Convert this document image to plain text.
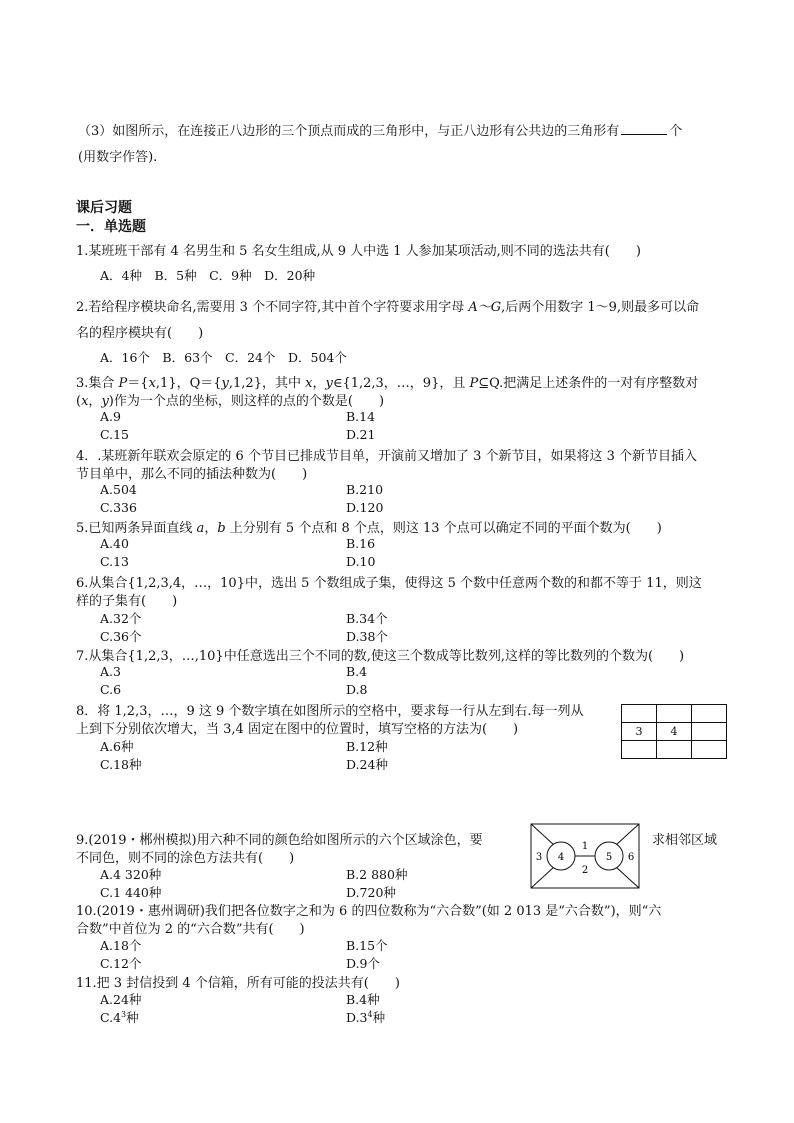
（3）如图所示，在连接正八边形的三个顶点而成的三角形中，与正八边形有公共边的三角形有	个
(用数字作答).
课后习题
一．单选题
1.某班班干部有 4 名男生和 5 名女生组成,从 9 人中选 1 人参加某项活动,则不同的选法共有(　　)
A．4种　B．5种　C．9种　D．20种
2.若给程序模块命名,需要用 3 个不同字符,其中首个字符要求用字母 A～G,后两个用数字 1～9,则最多可以命
名的程序模块有(　　)
A．16个　B．63个　C．24个　D．504个
3.集合 P＝{x,1}，Q＝{y,1,2}，其中 x，y∈{1,2,3，…，9}，且 P⊆Q.把满足上述条件的一对有序整数对
(x，y)作为一个点的坐标，则这样的点的个数是(　　)
A.9	B.14
C.15	D.21
4．.某班新年联欢会原定的 6 个节目已排成节目单，开演前又增加了 3 个新节目，如果将这 3 个新节目插入
节目单中，那么不同的插法种数为(　　)
A.504	B.210
C.336	D.120
5.已知两条异面直线 a，b 上分别有 5 个点和 8 个点，则这 13 个点可以确定不同的平面个数为(　　)
A.40	B.16
C.13	D.10
6.从集合{1,2,3,4，…，10}中，选出 5 个数组成子集，使得这 5 个数中任意两个数的和都不等于 11，则这
样的子集有(　　)
A.32个	B.34个
C.36个	D.38个
7.从集合{1,2,3，…,10}中任意选出三个不同的数,使这三个数成等比数列,这样的等比数列的个数为(　　)
A.3	B.4
C.6	D.8
8．将 1,2,3，…，9 这 9 个数字填在如图所示的空格中，要求每一行从左到右.每一列从
上到下分别依次增大，当 3,4 固定在图中的位置时，填写空格的方法为(　　)
A.6种	B.12种
C.18种	D.24种

3	4	

9.(2019・郴州模拟)用六种不同的颜色给如图所示的六个区域涂色，要	求相邻区域
不同色，则不同的涂色方法共有(　　)
A.4 320种	B.2 880种
C.1 440种	D.720种
1
2
3 4	5 6
10.(2019・惠州调研)我们把各位数字之和为 6 的四位数称为“六合数”(如 2 013 是“六合数”)，则“六
合数”中首位为 2 的“六合数”共有(　　)
A.18个	B.15个
C.12个	D.9个
11.把 3 封信投到 4 个信箱，所有可能的投法共有(　　)
A.24种	B.4种
$C.4^3$种	$D.3^4$种
